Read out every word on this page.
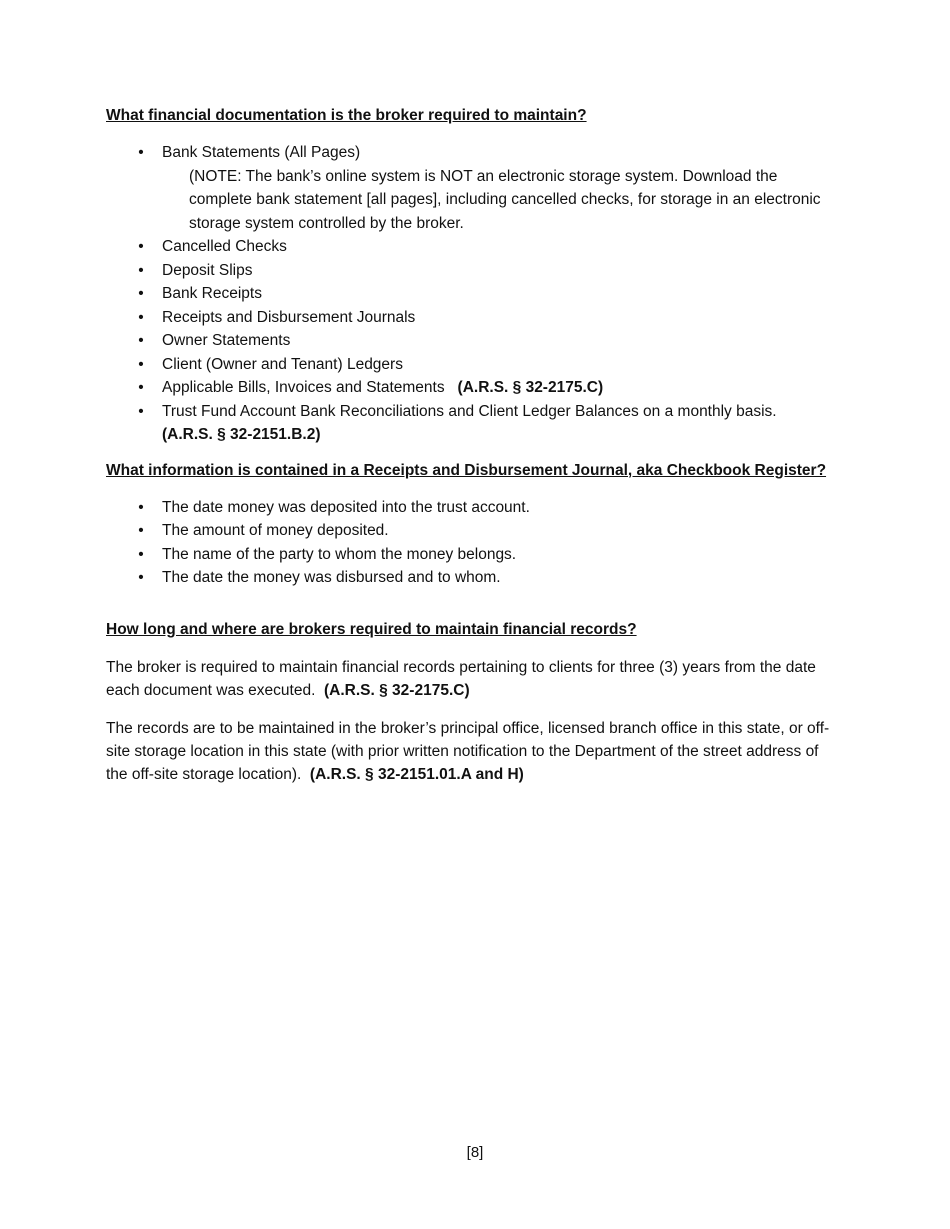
What financial documentation is the broker required to maintain?

• Bank Statements (All Pages)
(NOTE: The bank’s online system is NOT an electronic storage system. Download the complete bank statement [all pages], including cancelled checks, for storage in an electronic storage system controlled by the broker.
• Cancelled Checks
• Deposit Slips
• Bank Receipts
• Receipts and Disbursement Journals
• Owner Statements
• Client (Owner and Tenant) Ledgers
• Applicable Bills, Invoices and Statements (A.R.S. § 32-2175.C)
• Trust Fund Account Bank Reconciliations and Client Ledger Balances on a monthly basis.
(A.R.S. § 32-2151.B.2)

What information is contained in a Receipts and Disbursement Journal, aka Checkbook Register?

• The date money was deposited into the trust account.
• The amount of money deposited.
• The name of the party to whom the money belongs.
• The date the money was disbursed and to whom.

How long and where are brokers required to maintain financial records?

The broker is required to maintain financial records pertaining to clients for three (3) years from the date each document was executed. (A.R.S. § 32-2175.C)

The records are to be maintained in the broker’s principal office, licensed branch office in this state, or off-site storage location in this state (with prior written notification to the Department of the street address of the off-site storage location). (A.R.S. § 32-2151.01.A and H)

[8]
